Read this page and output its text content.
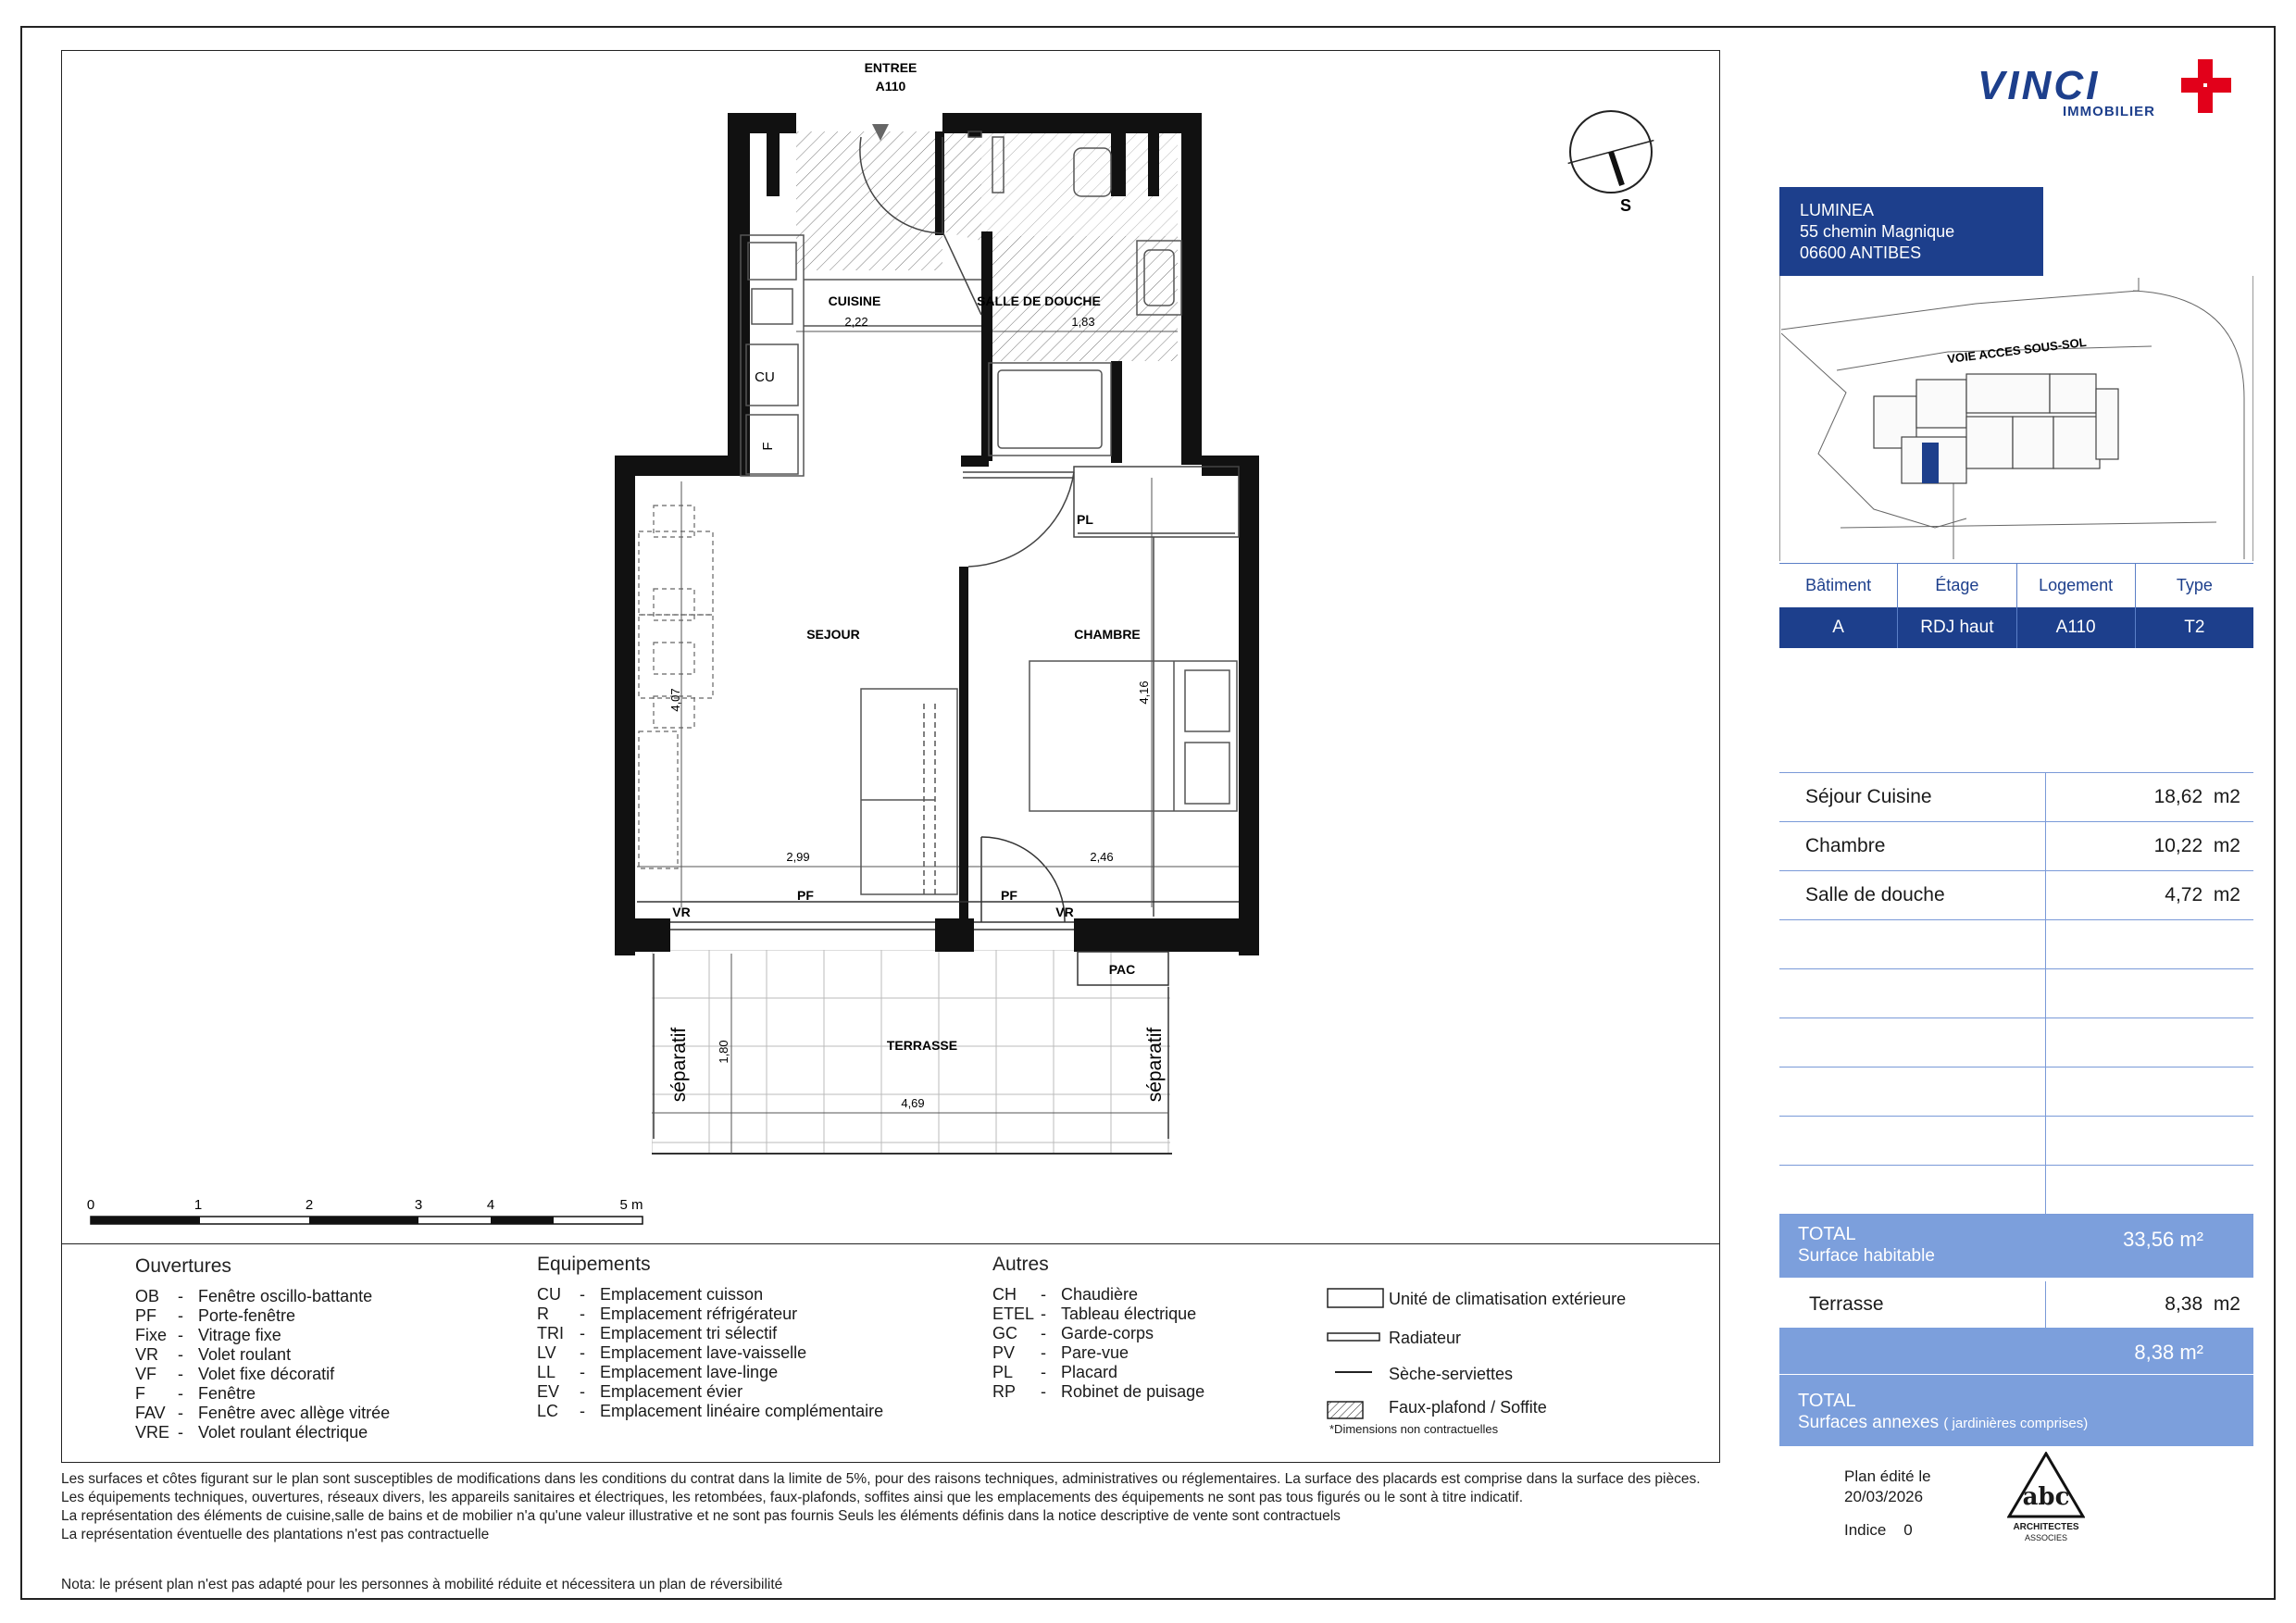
ENTREE
A110
S
CUISINE	SALLE DE DOUCHE
SEJOUR	CHAMBRE
TERRASSE
PAC
PL
CU
F
séparatif	séparatif
2,22	1,83
4,07	4,16
2,99	2,46
1,80
4,69
PF	PF
VR	VR
0	1	2	3	4	5 m
Ouvertures
OB - Fenêtre oscillo-battante
PF - Porte-fenêtre
Fixe - Vitrage fixe
VR - Volet roulant
VF - Volet fixe décoratif
F - Fenêtre
FAV - Fenêtre avec allège vitrée
VRE - Volet roulant électrique
Equipements
CU - Emplacement cuisson
R - Emplacement réfrigérateur
TRI - Emplacement tri sélectif
LV - Emplacement lave-vaisselle
LL - Emplacement lave-linge
EV - Emplacement évier
LC - Emplacement linéaire complémentaire
Autres
CH - Chaudière
ETEL - Tableau électrique
GC - Garde-corps
PV - Pare-vue
PL - Placard
RP - Robinet de puisage
Unité de climatisation extérieure
Radiateur
Sèche-serviettes
Faux-plafond / Soffite
*Dimensions non contractuelles
VINCI
IMMOBILIER
LUMINEA
55 chemin Magnique
06600 ANTIBES
VOIE ACCES SOUS-SOL
Bâtiment	Étage	Logement	Type
A	RDJ haut	A110	T2
Séjour Cuisine	18,62 m2
Chambre	10,22 m2
Salle de douche	4,72 m2
TOTAL
Surface habitable
33,56 m²
Terrasse	8,38 m2
8,38 m²
TOTAL
Surfaces annexes ( jardinières comprises)
Les surfaces et côtes figurant sur le plan sont susceptibles de modifications dans les conditions du contrat dans la limite de 5%, pour des raisons techniques, administratives ou réglementaires. La surface des placards est comprise dans la surface des pièces.
Les équipements techniques, ouvertures, réseaux divers, les appareils sanitaires et électriques, les retombées, faux-plafonds, soffites ainsi que les emplacements des équipements ne sont pas tous figurés ou le sont à titre indicatif.
La représentation des éléments de cuisine,salle de bains et de mobilier n'a qu'une valeur illustrative et ne sont pas fournis Seuls les éléments définis dans la notice descriptive de vente sont contractuels
La représentation éventuelle des plantations n'est pas contractuelle
Nota: le présent plan n'est pas adapté pour les personnes à mobilité réduite et nécessitera un plan de réversibilité
Plan édité le
20/03/2026
Indice 0
abc
ARCHITECTES
ASSOCIES
